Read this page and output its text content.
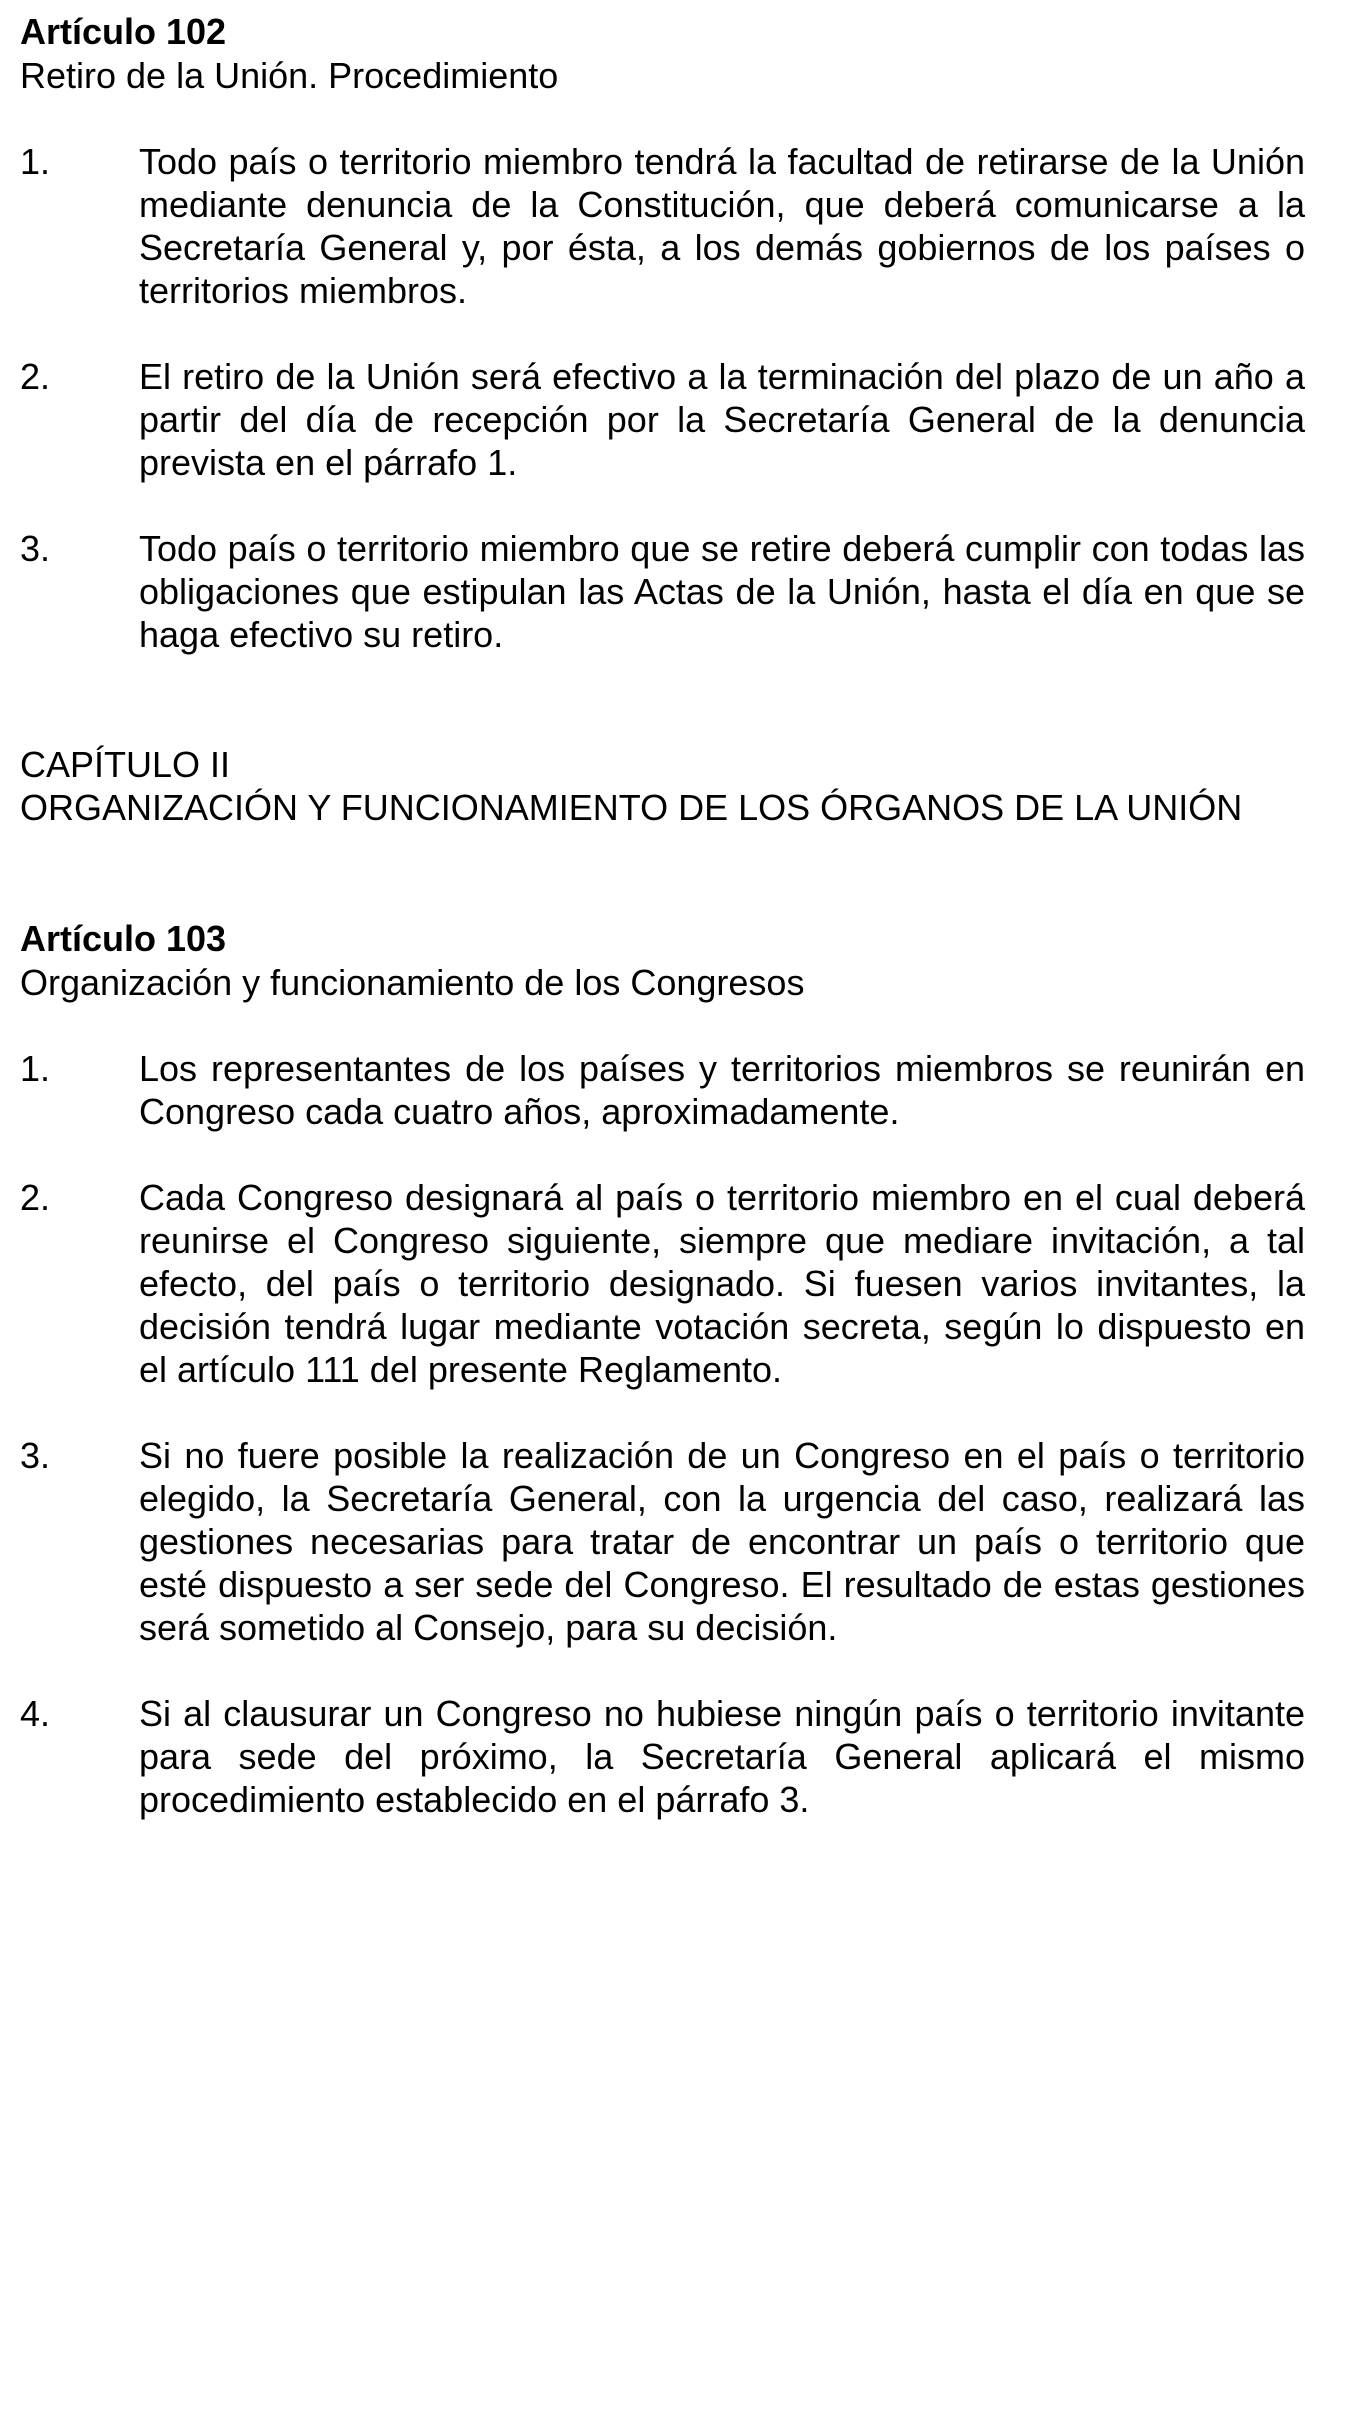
Artículo 102
Retiro de la Unión. Procedimiento
1.	Todo país o territorio miembro tendrá la facultad de retirarse de la Unión mediante denuncia de la Constitución, que deberá comunicarse a la Secretaría General y, por ésta, a los demás gobiernos de los países o territorios miembros.
2.	El retiro de la Unión será efectivo a la terminación del plazo de un año a partir del día de recepción por la Secretaría General de la denuncia prevista en el párrafo 1.
3.	Todo país o territorio miembro que se retire deberá cumplir con todas las obligaciones que estipulan las Actas de la Unión, hasta el día en que se haga efectivo su retiro.
CAPÍTULO II
ORGANIZACIÓN Y FUNCIONAMIENTO DE LOS ÓRGANOS DE LA UNIÓN
Artículo 103
Organización y funcionamiento de los Congresos
1.	Los representantes de los países y territorios miembros se reunirán en Congreso cada cuatro años, aproximadamente.
2.	Cada Congreso designará al país o territorio miembro en el cual deberá reunirse el Congreso siguiente, siempre que mediare invitación, a tal efecto, del país o territorio designado. Si fuesen varios invitantes, la decisión tendrá lugar mediante votación secreta, según lo dispuesto en el artículo 111 del presente Reglamento.
3.	Si no fuere posible la realización de un Congreso en el país o territorio elegido, la Secretaría General, con la urgencia del caso, realizará las gestiones necesarias para tratar de encontrar un país o territorio que esté dispuesto a ser sede del Congreso. El resultado de estas gestiones será sometido al Consejo, para su decisión.
4.	Si al clausurar un Congreso no hubiese ningún país o territorio invitante para sede del próximo, la Secretaría General aplicará el mismo procedimiento establecido en el párrafo 3.
